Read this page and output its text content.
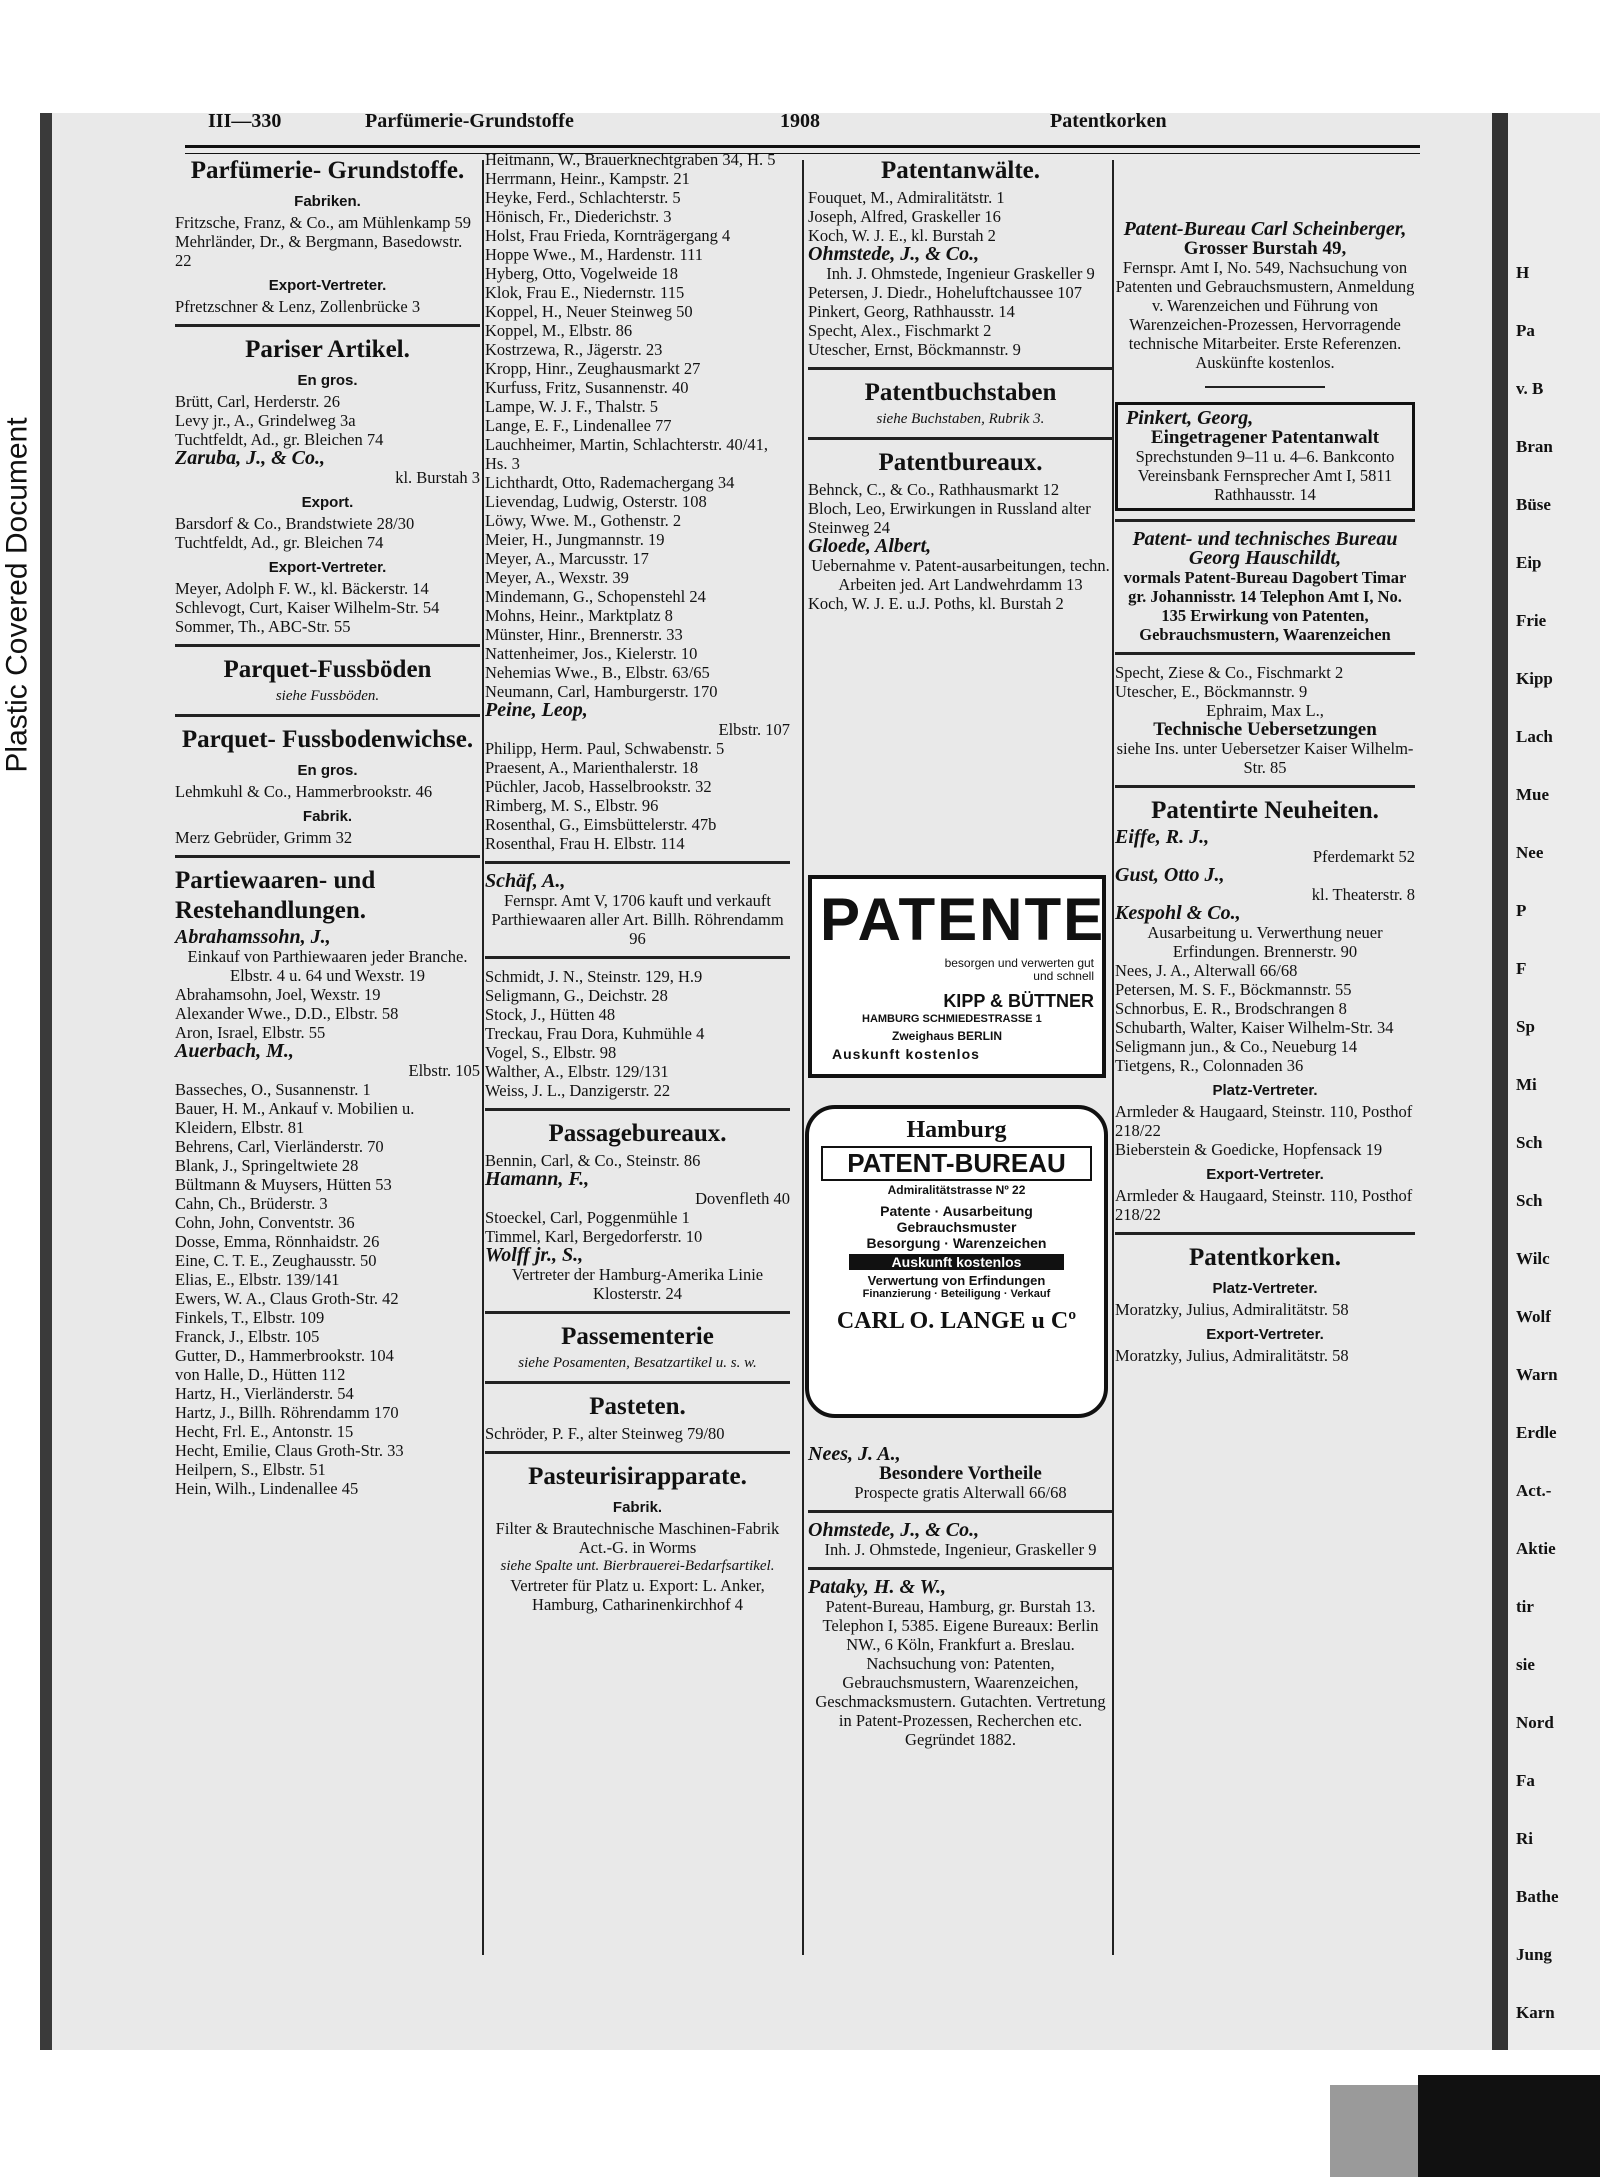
Plastic Covered Document
H
Pa
v. B
Bran
Büse
Eip
Frie
Kipp
Lach
Mue
Nee
P
F
Sp
Mi
Sch
Sch
Wilc
Wolf
Warn
Erdle
Act.-
Aktie
tir
sie
Nord
Fa
Ri
Bathe
Jung
Karn
III—330	Parfümerie-Grundstoffe	1908	Patentkorken
Parfümerie- Grundstoffe.
Fabriken.
Fritzsche, Franz, & Co., am Mühlenkamp 59
Mehrländer, Dr., & Bergmann, Basedowstr. 22
Export-Vertreter.
Pfretzschner & Lenz, Zollenbrücke 3
Pariser Artikel.
En gros.
Brütt, Carl, Herderstr. 26
Levy jr., A., Grindelweg 3a
Tuchtfeldt, Ad., gr. Bleichen 74
Zaruba, J., & Co.,
kl. Burstah 3
Export.
Barsdorf & Co., Brandstwiete 28/30
Tuchtfeldt, Ad., gr. Bleichen 74
Export-Vertreter.
Meyer, Adolph F. W., kl. Bäckerstr. 14
Schlevogt, Curt, Kaiser Wilhelm-Str. 54
Sommer, Th., ABC-Str. 55
Parquet-Fussböden
siehe Fussböden.
Parquet- Fussbodenwichse.
En gros.
Lehmkuhl & Co., Hammerbrookstr. 46
Fabrik.
Merz Gebrüder, Grimm 32
Partiewaaren- und Restehandlungen.
Abrahamssohn, J.,
Einkauf von Parthiewaaren jeder Branche. Elbstr. 4 u. 64 und Wexstr. 19
Abrahamsohn, Joel, Wexstr. 19
Alexander Wwe., D.D., Elbstr. 58
Aron, Israel, Elbstr. 55
Auerbach, M.,
Elbstr. 105
Basseches, O., Susannenstr. 1
Bauer, H. M., Ankauf v. Mobilien u. Kleidern, Elbstr. 81
Behrens, Carl, Vierländerstr. 70
Blank, J., Springeltwiete 28
Bültmann & Muysers, Hütten 53
Cahn, Ch., Brüderstr. 3
Cohn, John, Conventstr. 36
Dosse, Emma, Rönnhaidstr. 26
Eine, C. T. E., Zeughausstr. 50
Elias, E., Elbstr. 139/141
Ewers, W. A., Claus Groth-Str. 42
Finkels, T., Elbstr. 109
Franck, J., Elbstr. 105
Gutter, D., Hammerbrookstr. 104
von Halle, D., Hütten 112
Hartz, H., Vierländerstr. 54
Hartz, J., Billh. Röhrendamm 170
Hecht, Frl. E., Antonstr. 15
Hecht, Emilie, Claus Groth-Str. 33
Heilpern, S., Elbstr. 51
Hein, Wilh., Lindenallee 45
Heitmann, W., Brauerknechtgraben 34, H. 5
Herrmann, Heinr., Kampstr. 21
Heyke, Ferd., Schlachterstr. 5
Hönisch, Fr., Diederichstr. 3
Holst, Frau Frieda, Kornträgergang 4
Hoppe Wwe., M., Hardenstr. 111
Hyberg, Otto, Vogelweide 18
Klok, Frau E., Niedernstr. 115
Koppel, H., Neuer Steinweg 50
Koppel, M., Elbstr. 86
Kostrzewa, R., Jägerstr. 23
Kropp, Hinr., Zeughausmarkt 27
Kurfuss, Fritz, Susannenstr. 40
Lampe, W. J. F., Thalstr. 5
Lange, E. F., Lindenallee 77
Lauchheimer, Martin, Schlachterstr. 40/41, Hs. 3
Lichthardt, Otto, Rademachergang 34
Lievendag, Ludwig, Osterstr. 108
Löwy, Wwe. M., Gothenstr. 2
Meier, H., Jungmannstr. 19
Meyer, A., Marcusstr. 17
Meyer, A., Wexstr. 39
Mindemann, G., Schopenstehl 24
Mohns, Heinr., Marktplatz 8
Münster, Hinr., Brennerstr. 33
Nattenheimer, Jos., Kielerstr. 10
Nehemias Wwe., B., Elbstr. 63/65
Neumann, Carl, Hamburgerstr. 170
Peine, Leop,
Elbstr. 107
Philipp, Herm. Paul, Schwabenstr. 5
Praesent, A., Marienthalerstr. 18
Püchler, Jacob, Hasselbrookstr. 32
Rimberg, M. S., Elbstr. 96
Rosenthal, G., Eimsbüttelerstr. 47b
Rosenthal, Frau H. Elbstr. 114
Schäf, A.,
Fernspr. Amt V, 1706 kauft und verkauft Parthiewaaren aller Art. Billh. Röhrendamm 96
Schmidt, J. N., Steinstr. 129, H.9
Seligmann, G., Deichstr. 28
Stock, J., Hütten 48
Treckau, Frau Dora, Kuhmühle 4
Vogel, S., Elbstr. 98
Walther, A., Elbstr. 129/131
Weiss, J. L., Danzigerstr. 22
Passagebureaux.
Bennin, Carl, & Co., Steinstr. 86
Hamann, F.,
Dovenfleth 40
Stoeckel, Carl, Poggenmühle 1
Timmel, Karl, Bergedorferstr. 10
Wolff jr., S.,
Vertreter der Hamburg-Amerika Linie Klosterstr. 24
Passementerie
siehe Posamenten, Besatzartikel u. s. w.
Pasteten.
Schröder, P. F., alter Steinweg 79/80
Pasteurisirapparate.
Fabrik.
Filter & Brautechnische Maschinen-Fabrik Act.-G. in Worms
siehe Spalte unt. Bierbrauerei-Bedarfsartikel.
Vertreter für Platz u. Export: L. Anker, Hamburg, Catharinenkirchhof 4
Patentanwälte.
Fouquet, M., Admiralitätstr. 1
Joseph, Alfred, Graskeller 16
Koch, W. J. E., kl. Burstah 2
Ohmstede, J., & Co.,
Inh. J. Ohmstede, Ingenieur Graskeller 9
Petersen, J. Diedr., Hoheluftchaussee 107
Pinkert, Georg, Rathhausstr. 14
Specht, Alex., Fischmarkt 2
Utescher, Ernst, Böckmannstr. 9
Patentbuchstaben
siehe Buchstaben, Rubrik 3.
Patentbureaux.
Behnck, C., & Co., Rathhausmarkt 12
Bloch, Leo, Erwirkungen in Russland alter Steinweg 24
Gloede, Albert,
Uebernahme v. Patent-ausarbeitungen, techn. Arbeiten jed. Art Landwehrdamm 13
Koch, W. J. E. u.J. Poths, kl. Burstah 2
PATENTE
besorgen und verwerten gut und schnell
KIPP & BÜTTNER
HAMBURG SCHMIEDESTRASSE 1
Zweighaus BERLIN
Auskunft kostenlos
Hamburg
PATENT-BUREAU
Admiralitätstrasse Nº 22
Patente · Ausarbeitung
Gebrauchsmuster
Besorgung · Warenzeichen
Auskunft kostenlos
Verwertung von Erfindungen
Finanzierung · Beteiligung · Verkauf
CARL O. LANGE u Cº
Nees, J. A.,
Besondere Vortheile
Prospecte gratis Alterwall 66/68
Ohmstede, J., & Co.,
Inh. J. Ohmstede, Ingenieur, Graskeller 9
Pataky, H. & W.,
Patent-Bureau, Hamburg, gr. Burstah 13. Telephon I, 5385. Eigene Bureaux: Berlin NW., 6 Köln, Frankfurt a. Breslau. Nachsuchung von: Patenten, Gebrauchsmustern, Waarenzeichen, Geschmacksmustern. Gutachten. Vertretung in Patent-Prozessen, Recherchen etc. Gegründet 1882.
Patent-Bureau Carl Scheinberger,
Grosser Burstah 49,
Fernspr. Amt I, No. 549, Nachsuchung von Patenten und Gebrauchsmustern, Anmeldung v. Warenzeichen und Führung von Warenzeichen-Prozessen, Hervorragende technische Mitarbeiter. Erste Referenzen. Auskünfte kostenlos.
Pinkert, Georg,
Eingetragener Patentanwalt
Sprechstunden 9–11 u. 4–6. Bankconto Vereinsbank Fernsprecher Amt I, 5811 Rathhausstr. 14
Patent- und technisches Bureau Georg Hauschildt,
vormals Patent-Bureau Dagobert Timar gr. Johannisstr. 14 Telephon Amt I, No. 135 Erwirkung von Patenten, Gebrauchsmustern, Waarenzeichen
Specht, Ziese & Co., Fischmarkt 2
Utescher, E., Böckmannstr. 9
Ephraim, Max L.,
Technische Uebersetzungen
siehe Ins. unter Uebersetzer Kaiser Wilhelm-Str. 85
Patentirte Neuheiten.
Eiffe, R. J.,
Pferdemarkt 52
Gust, Otto J.,
kl. Theaterstr. 8
Kespohl & Co.,
Ausarbeitung u. Verwerthung neuer Erfindungen. Brennerstr. 90
Nees, J. A., Alterwall 66/68
Petersen, M. S. F., Böckmannstr. 55
Schnorbus, E. R., Brodschrangen 8
Schubarth, Walter, Kaiser Wilhelm-Str. 34
Seligmann jun., & Co., Neueburg 14
Tietgens, R., Colonnaden 36
Platz-Vertreter.
Armleder & Haugaard, Steinstr. 110, Posthof 218/22
Bieberstein & Goedicke, Hopfensack 19
Export-Vertreter.
Armleder & Haugaard, Steinstr. 110, Posthof 218/22
Patentkorken.
Platz-Vertreter.
Moratzky, Julius, Admiralitätstr. 58
Export-Vertreter.
Moratzky, Julius, Admiralitätstr. 58
